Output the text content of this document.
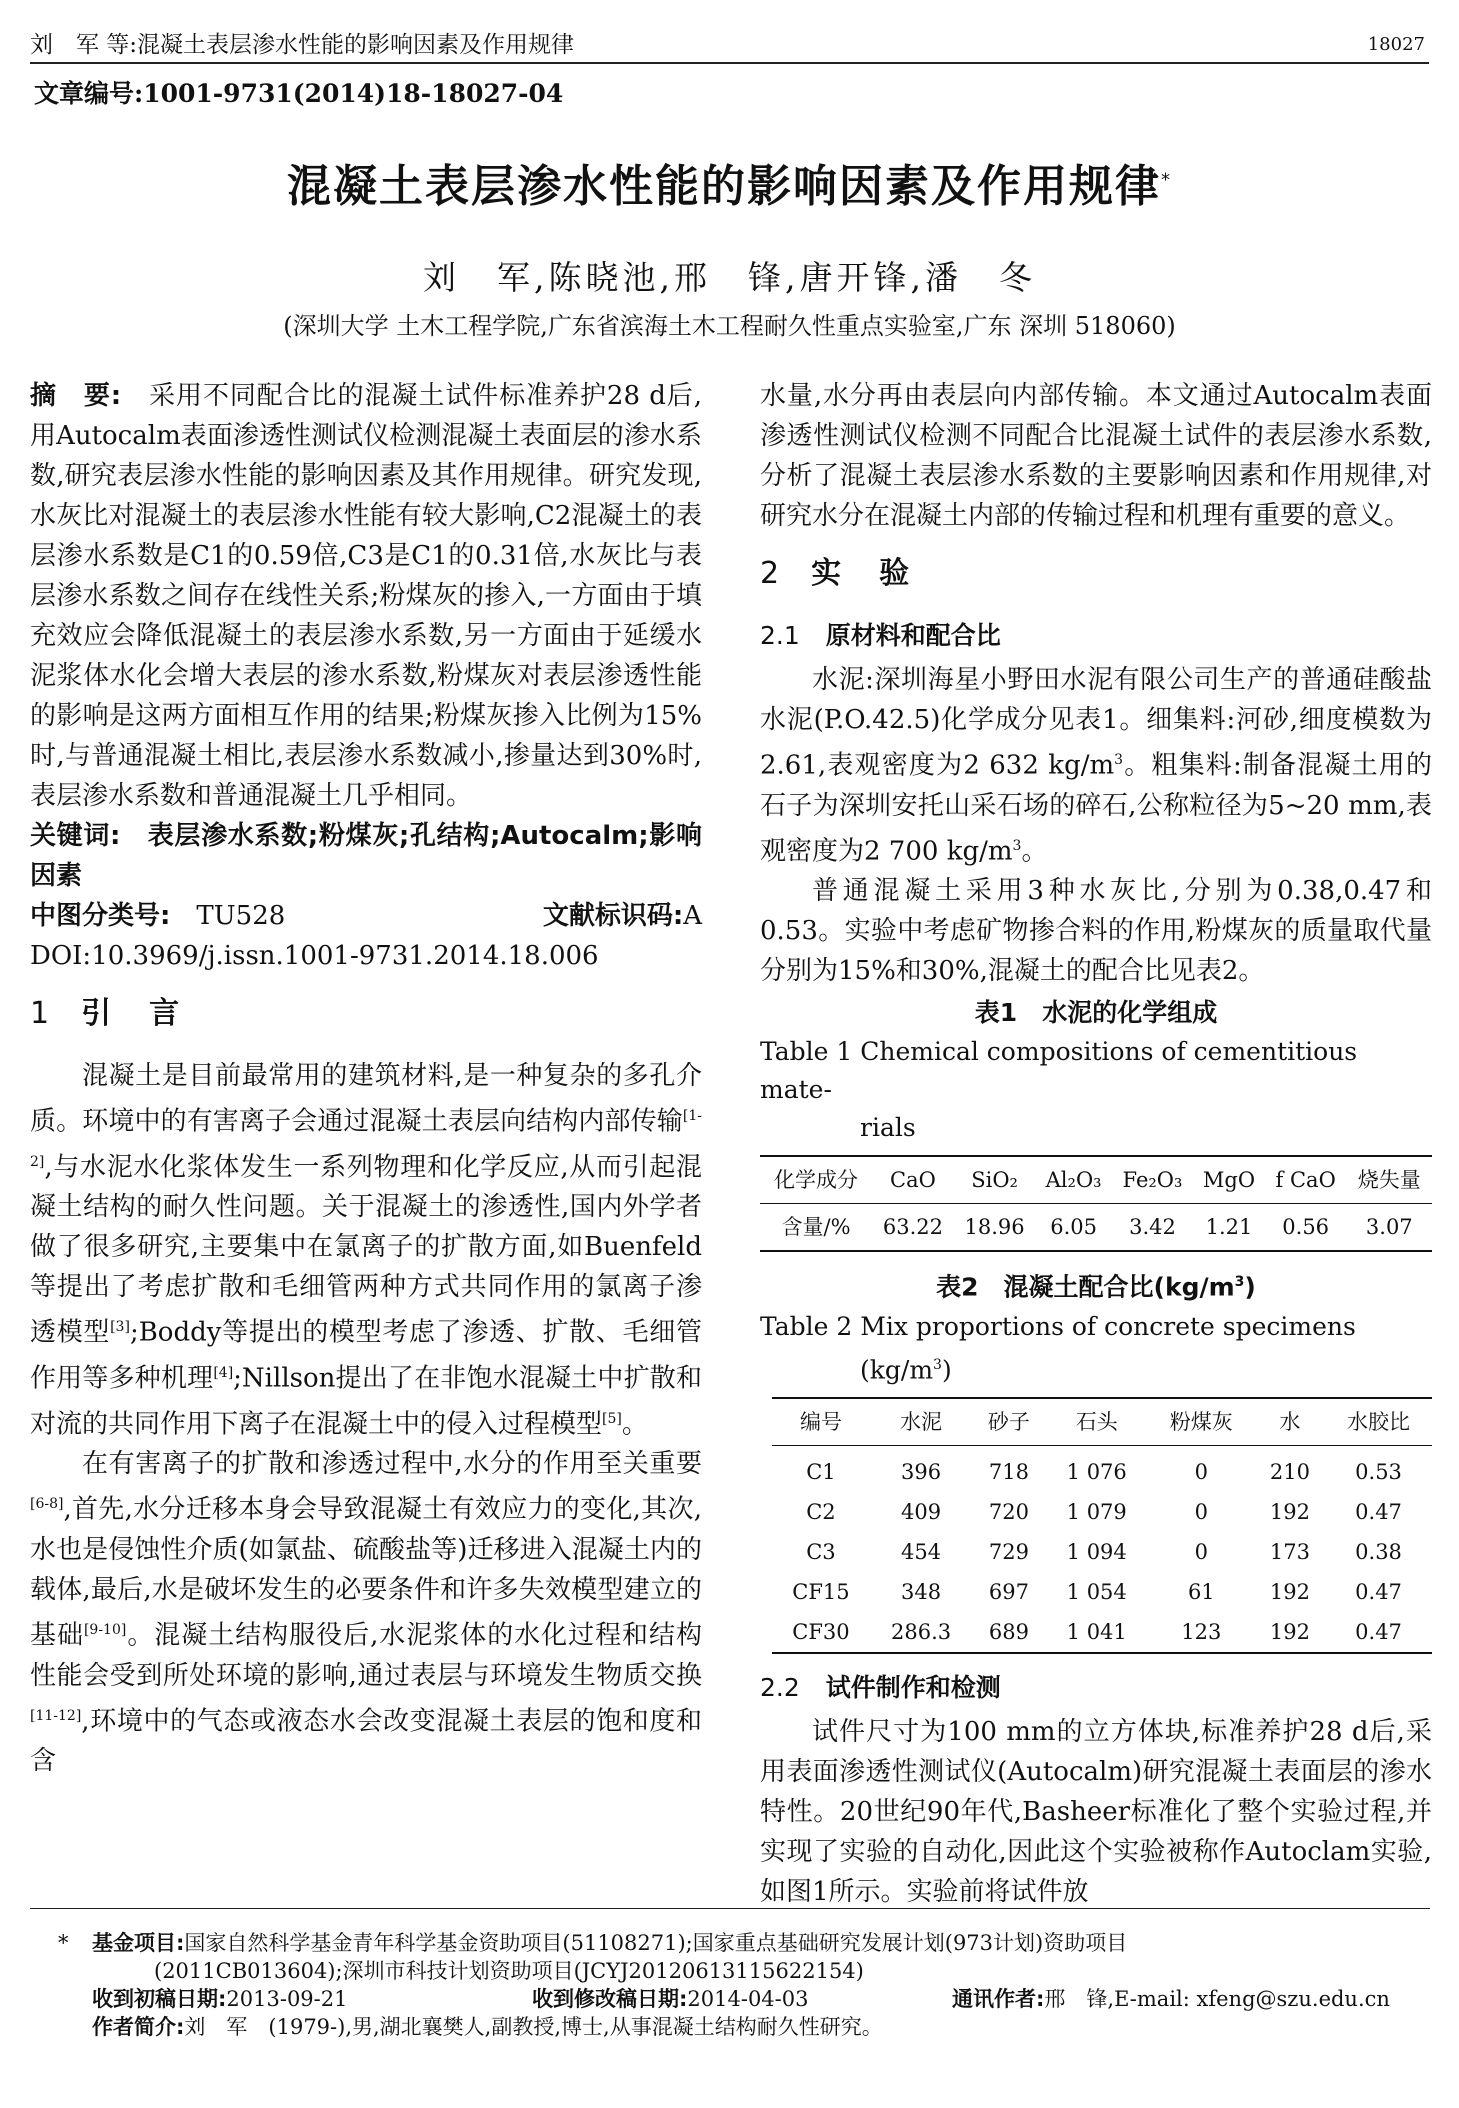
刘　军 等:混凝土表层渗水性能的影响因素及作用规律	18027
文章编号:1001-9731(2014)18-18027-04
混凝土表层渗水性能的影响因素及作用规律*
刘　军,陈晓池,邢　锋,唐开锋,潘　冬
(深圳大学 土木工程学院,广东省滨海土木工程耐久性重点实验室,广东 深圳 518060)

摘　要:　 采用不同配合比的混凝土试件标准养护28 d后,用Autocalm表面渗透性测试仪检测混凝土表面层的渗水系数,研究表层渗水性能的影响因素及其作用规律。研究发现,水灰比对混凝土的表层渗水性能有较大影响,C2混凝土的表层渗水系数是C1的0.59倍,C3是C1的0.31倍,水灰比与表层渗水系数之间存在线性关系;粉煤灰的掺入,一方面由于填充效应会降低混凝土的表层渗水系数,另一方面由于延缓水泥浆体水化会增大表层的渗水系数,粉煤灰对表层渗透性能的影响是这两方面相互作用的结果;粉煤灰掺入比例为15%时,与普通混凝土相比,表层渗水系数减小,掺量达到30%时,表层渗水系数和普通混凝土几乎相同。

关键词:　 表层渗水系数;粉煤灰;孔结构;Autocalm;影响因素

中图分类号:　 TU528	文献标识码:A

DOI:10.3969/j.issn.1001-9731.2014.18.006

1 引　言

混凝土是目前最常用的建筑材料,是一种复杂的多孔介质。环境中的有害离子会通过混凝土表层向结构内部传输[1-2],与水泥水化浆体发生一系列物理和化学反应,从而引起混凝土结构的耐久性问题。关于混凝土的渗透性,国内外学者做了很多研究,主要集中在氯离子的扩散方面,如Buenfeld等提出了考虑扩散和毛细管两种方式共同作用的氯离子渗透模型[3];Boddy等提出的模型考虑了渗透、扩散、毛细管作用等多种机理[4];Nillson提出了在非饱水混凝土中扩散和对流的共同作用下离子在混凝土中的侵入过程模型[5]。

在有害离子的扩散和渗透过程中,水分的作用至关重要[6-8],首先,水分迁移本身会导致混凝土有效应力的变化,其次,水也是侵蚀性介质(如氯盐、硫酸盐等)迁移进入混凝土内的载体,最后,水是破坏发生的必要条件和许多失效模型建立的基础[9-10]。混凝土结构服役后,水泥浆体的水化过程和结构性能会受到所处环境的影响,通过表层与环境发生物质交换[11-12],环境中的气态或液态水会改变混凝土表层的饱和度和含

水量,水分再由表层向内部传输。本文通过Autocalm表面渗透性测试仪检测不同配合比混凝土试件的表层渗水系数,分析了混凝土表层渗水系数的主要影响因素和作用规律,对研究水分在混凝土内部的传输过程和机理有重要的意义。

2 实　验

2.1 原材料和配合比

水泥:深圳海星小野田水泥有限公司生产的普通硅酸盐水泥(P.O.42.5)化学成分见表1。细集料:河砂,细度模数为2.61,表观密度为2 632 $kg/m^3$。粗集料:制备混凝土用的石子为深圳安托山采石场的碎石,公称粒径为5~20 mm,表观密度为2 700 $kg/m^3$。

普通混凝土采用3种水灰比,分别为0.38,0.47和0.53。实验中考虑矿物掺合料的作用,粉煤灰的质量取代量分别为15%和30%,混凝土的配合比见表2。

表1　水泥的化学组成

Table 1 Chemical compositions of cementitious mate-
rials

化学成分	CaO	SiO₂	Al₂O₃	Fe₂O₃	MgO	f CaO	烧失量
含量/%	63.22	18.96	6.05	3.42	1.21	0.56	3.07

表2　混凝土配合比$(kg/m^3)$

Table 2 Mix proportions of concrete specimens
$(kg/m^3)$

编号	水泥	砂子	石头	粉煤灰	水	水胶比
C1	396	718	1 076	0	210	0.53
C2	409	720	1 079	0	192	0.47
C3	454	729	1 094	0	173	0.38
CF15	348	697	1 054	61	192	0.47
CF30	286.3	689	1 041	123	192	0.47

2.2 试件制作和检测

试件尺寸为100 mm的立方体块,标准养护28 d后,采用表面渗透性测试仪(Autocalm)研究混凝土表面层的渗水特性。20世纪90年代,Basheer标准化了整个实验过程,并实现了实验的自动化,因此这个实验被称作Autoclam实验,如图1所示。实验前将试件放

*	基金项目:国家自然科学基金青年科学基金资助项目(51108271);国家重点基础研究发展计划(973计划)资助项目
(2011CB013604);深圳市科技计划资助项目(JCYJ20120613115622154)
收到初稿日期:2013-09-21	收到修改稿日期:2014-04-03	通讯作者:邢　锋,E-mail: xfeng@szu.edu.cn
作者简介:刘　军　(1979-),男,湖北襄樊人,副教授,博士,从事混凝土结构耐久性研究。
